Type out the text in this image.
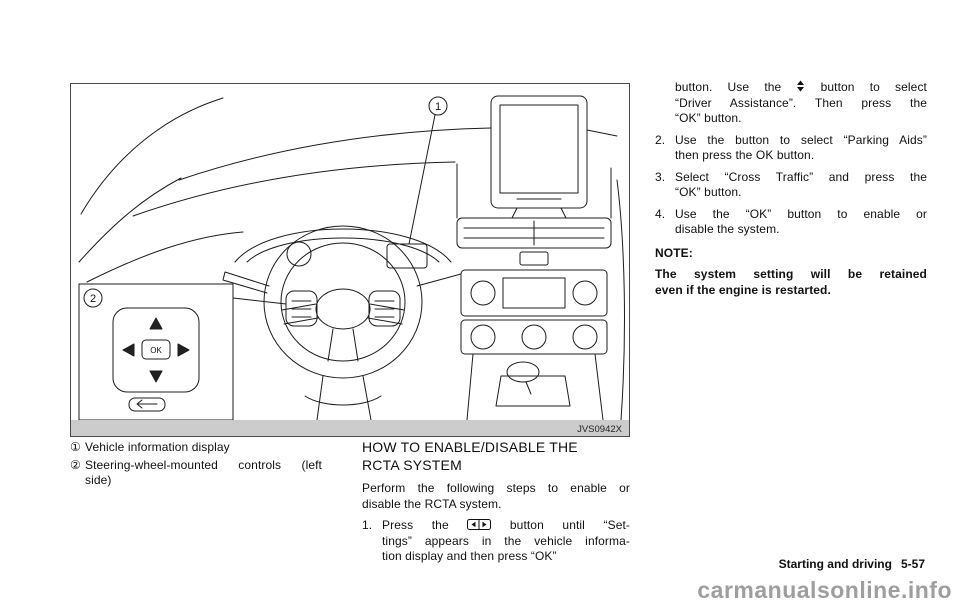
OK
1
2
JVS0942X
① Vehicle information display
② Steering-wheel-mounted controls (left
side)
HOW TO ENABLE/DISABLE THE
RCTA SYSTEM
Perform the following steps to enable or
disable the RCTA system.
1. Press the	button until “Set-
tings” appears in the vehicle informa-
tion display and then press “OK”
button. Use the	button to select
“Driver Assistance”. Then press the
“OK” button.
2. Use the button to select “Parking Aids”
then press the OK button.
3. Select “Cross Traffic” and press the
“OK” button.
4. Use the “OK” button to enable or
disable the system.
NOTE:
The system setting will be retained
even if the engine is restarted.
Starting and driving 5-57
carmanualsonline.info
